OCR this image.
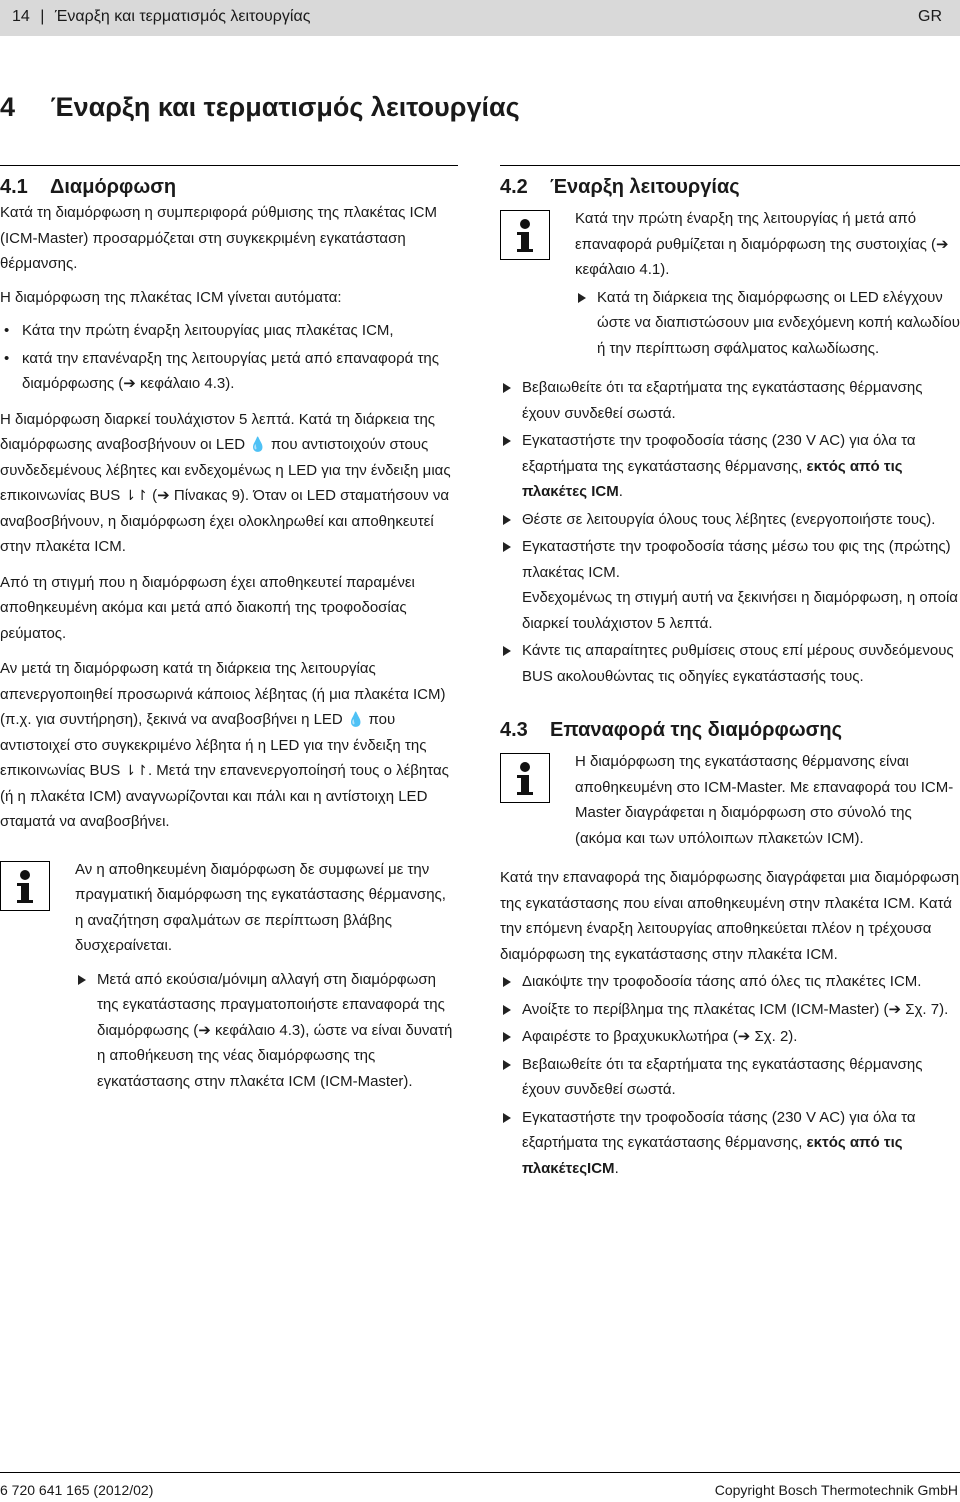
14 | Έναρξη και τερματισμός λειτουργίας	GR
4 Έναρξη και τερματισμός λειτουργίας
4.1 Διαμόρφωση

Κατά τη διαμόρφωση η συμπεριφορά ρύθμισης της πλακέτας ICM (ICM-Master) προσαρμόζεται στη συγκεκριμένη εγκατάσταση θέρμανσης.

Η διαμόρφωση της πλακέτας ICM γίνεται αυτόματα:

• Κάτα την πρώτη έναρξη λειτουργίας μιας πλακέτας ICM,
• κατά την επανέναρξη της λειτουργίας μετά από επαναφορά της διαμόρφωσης (➔ κεφάλαιο 4.3).

Η διαμόρφωση διαρκεί τουλάχιστον 5 λεπτά. Κατά τη διάρκεια της διαμόρφωσης αναβοσβήνουν οι LED 💧 που αντιστοιχούν στους συνδεδεμένους λέβητες και ενδεχομένως η LED για την ένδειξη μιας επικοινωνίας BUS ⇂↾ (➔ Πίνακας 9). Όταν οι LED σταματήσουν να αναβοσβήνουν, η διαμόρφωση έχει ολοκληρωθεί και αποθηκευτεί στην πλακέτα ICM.

Από τη στιγμή που η διαμόρφωση έχει αποθηκευτεί παραμένει αποθηκευμένη ακόμα και μετά από διακοπή της τροφοδοσίας ρεύματος.

Αν μετά τη διαμόρφωση κατά τη διάρκεια της λειτουργίας απενεργοποιηθεί προσωρινά κάποιος λέβητας (ή μια πλακέτα ICM) (π.χ. για συντήρηση), ξεκινά να αναβοσβήνει η LED 💧 που αντιστοιχεί στο συγκεκριμένο λέβητα ή η LED για την ένδειξη της επικοινωνίας BUS ⇂↾. Μετά την επανενεργοποίησή τους ο λέβητας (ή η πλακέτα ICM) αναγνωρίζονται και πάλι και η αντίστοιχη LED σταματά να αναβοσβήνει.

Αν η αποθηκευμένη διαμόρφωση δε συμφωνεί με την πραγματική διαμόρφωση της εγκατάστασης θέρμανσης, η αναζήτηση σφαλμάτων σε περίπτωση βλάβης δυσχεραίνεται.

Μετά από εκούσια/μόνιμη αλλαγή στη διαμόρφωση της εγκατάστασης πραγματοποιήστε επαναφορά της διαμόρφωσης (➔ κεφάλαιο 4.3), ώστε να είναι δυνατή η αποθήκευση της νέας διαμόρφωσης της εγκατάστασης στην πλακέτα ICM (ICM-Master).
4.2 Έναρξη λειτουργίας

Κατά την πρώτη έναρξη της λειτουργίας ή μετά από επαναφορά ρυθμίζεται η διαμόρφωση της συστοιχίας (➔ κεφάλαιο 4.1).

Κατά τη διάρκεια της διαμόρφωσης οι LED ελέγχουν ώστε να διαπιστώσουν μια ενδεχόμενη κοπή καλωδίου ή την περίπτωση σφάλματος καλωδίωσης.
Βεβαιωθείτε ότι τα εξαρτήματα της εγκατάστασης θέρμανσης έχουν συνδεθεί σωστά.
Εγκαταστήστε την τροφοδοσία τάσης (230 V AC) για όλα τα εξαρτήματα της εγκατάστασης θέρμανσης, εκτός από τις πλακέτες ICM.
Θέστε σε λειτουργία όλους τους λέβητες (ενεργοποιήστε τους).
Εγκαταστήστε την τροφοδοσία τάσης μέσω του φις της (πρώτης) πλακέτας ICM.
Ενδεχομένως τη στιγμή αυτή να ξεκινήσει η διαμόρφωση, η οποία διαρκεί τουλάχιστον 5 λεπτά.
Κάντε τις απαραίτητες ρυθμίσεις στους επί μέρους συνδεόμενους BUS ακολουθώντας τις οδηγίες εγκατάστασής τους.
4.3 Επαναφορά της διαμόρφωσης

Η διαμόρφωση της εγκατάστασης θέρμανσης είναι αποθηκευμένη στο ICM-Master. Με επαναφορά του ICM-Master διαγράφεται η διαμόρφωση στο σύνολό της (ακόμα και των υπόλοιπων πλακετών ICM).

Κατά την επαναφορά της διαμόρφωσης διαγράφεται μια διαμόρφωση της εγκατάστασης που είναι αποθηκευμένη στην πλακέτα ICM. Κατά την επόμενη έναρξη λειτουργίας αποθηκεύεται πλέον η τρέχουσα διαμόρφωση της εγκατάστασης στην πλακέτα ICM.

Διακόψτε την τροφοδοσία τάσης από όλες τις πλακέτες ICM.
Ανοίξτε το περίβλημα της πλακέτας ICM (ICM-Master) (➔ Σχ. 7).
Αφαιρέστε το βραχυκυκλωτήρα (➔ Σχ. 2).
Βεβαιωθείτε ότι τα εξαρτήματα της εγκατάστασης θέρμανσης έχουν συνδεθεί σωστά.
Εγκαταστήστε την τροφοδοσία τάσης (230 V AC) για όλα τα εξαρτήματα της εγκατάστασης θέρμανσης, εκτός από τις πλακέτεςICM.
6 720 641 165 (2012/02)	Copyright Bosch Thermotechnik GmbH
